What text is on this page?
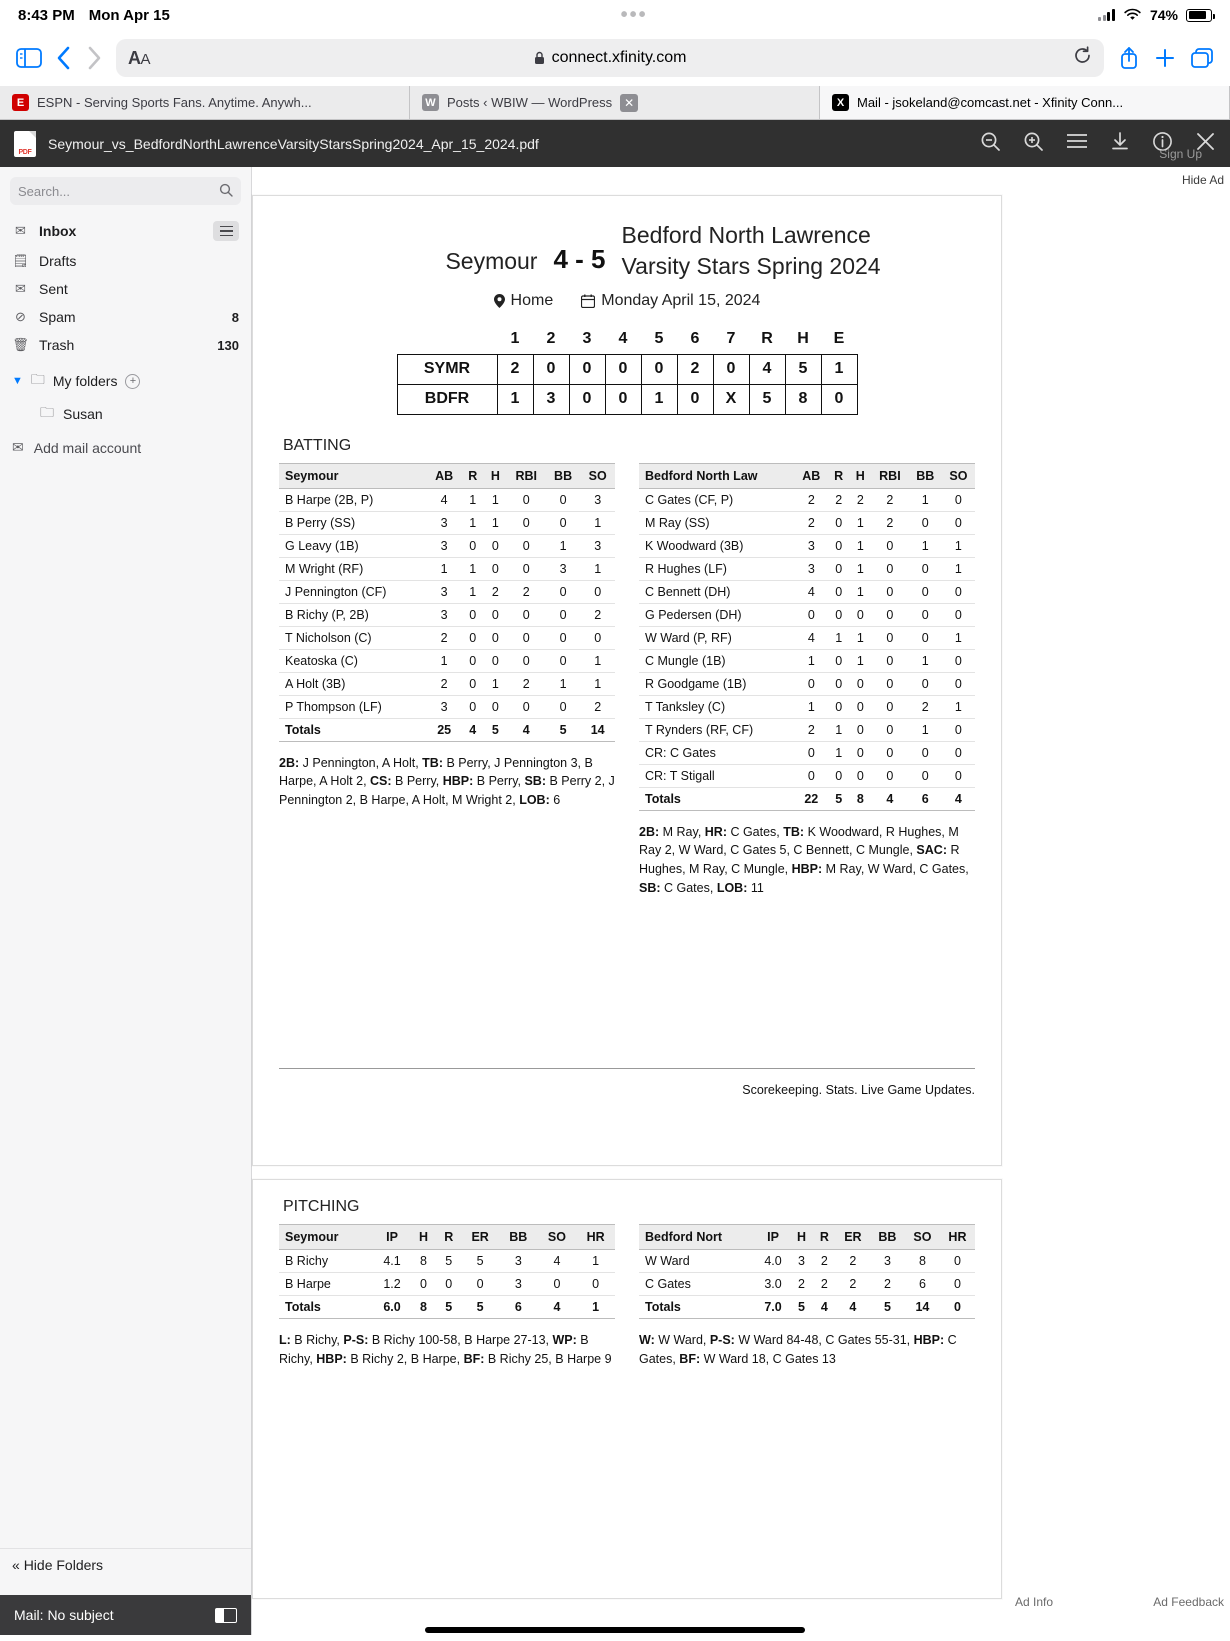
8:43 PM Mon Apr 15	•••	74%
AA	connect.xfinity.com
E ESPN - Serving Sports Fans. Anytime. Anywh...	W Posts ‹ WBIW — WordPress ✕	X Mail - jsokeland@comcast.net - Xfinity Conn...
PDF
Seymour_vs_BedfordNorthLawrenceVarsityStarsSpring2024_Apr_15_2024.pdf
Search...
✉ Inbox
🗒 Drafts
✉ Sent
⊘ Spam	8
🗑 Trash	130
▼ 🗀 My folders	+
🗀 Susan
✉ Add mail account
« Hide Folders
Mail: No subject
Seymour 4 - 5
Bedford North Lawrence Varsity Stars Spring 2024
Home	Monday April 15, 2024
	1	2	3	4	5	6	7	R	H	E
SYMR	2	0	0	0	0	2	0	4	5	1
BDFR	1	3	0	0	1	0	X	5	8	0
BATTING
Seymour	AB	R	H	RBI	BB	SO
B Harpe (2B, P)	4	1	1	0	0	3
B Perry (SS)	3	1	1	0	0	1
G Leavy (1B)	3	0	0	0	1	3
M Wright (RF)	1	1	0	0	3	1
J Pennington (CF)	3	1	2	2	0	0
B Richy (P, 2B)	3	0	0	0	0	2
T Nicholson (C)	2	0	0	0	0	0
Keatoska (C)	1	0	0	0	0	1
A Holt (3B)	2	0	1	2	1	1
P Thompson (LF)	3	0	0	0	0	2
Totals	25	4	5	4	5	14
2B: J Pennington, A Holt, TB: B Perry, J Pennington 3, B Harpe, A Holt 2, CS: B Perry, HBP: B Perry, SB: B Perry 2, J Pennington 2, B Harpe, A Holt, M Wright 2, LOB: 6
Bedford North Law	AB	R	H	RBI	BB	SO
C Gates (CF, P)	2	2	2	2	1	0
M Ray (SS)	2	0	1	2	0	0
K Woodward (3B)	3	0	1	0	1	1
R Hughes (LF)	3	0	1	0	0	1
C Bennett (DH)	4	0	1	0	0	0
G Pedersen (DH)	0	0	0	0	0	0
W Ward (P, RF)	4	1	1	0	0	1
C Mungle (1B)	1	0	1	0	1	0
R Goodgame (1B)	0	0	0	0	0	0
T Tanksley (C)	1	0	0	0	2	1
T Rynders (RF, CF)	2	1	0	0	1	0
CR: C Gates	0	1	0	0	0	0
CR: T Stigall	0	0	0	0	0	0
Totals	22	5	8	4	6	4
2B: M Ray, HR: C Gates, TB: K Woodward, R Hughes, M Ray 2, W Ward, C Gates 5, C Bennett, C Mungle, SAC: R Hughes, M Ray, C Mungle, HBP: M Ray, W Ward, C Gates, SB: C Gates, LOB: 11
Scorekeeping. Stats. Live Game Updates.
PITCHING
Seymour	IP	H	R	ER	BB	SO	HR
B Richy	4.1	8	5	5	3	4	1
B Harpe	1.2	0	0	0	3	0	0
Totals	6.0	8	5	5	6	4	1
L: B Richy, P-S: B Richy 100-58, B Harpe 27-13, WP: B Richy, HBP: B Richy 2, B Harpe, BF: B Richy 25, B Harpe 9
Bedford Nort	IP	H	R	ER	BB	SO	HR
W Ward	4.0	3	2	2	3	8	0
C Gates	3.0	2	2	2	2	6	0
Totals	7.0	5	4	4	5	14	0
W: W Ward, P-S: W Ward 84-48, C Gates 55-31, HBP: C Gates, BF: W Ward 18, C Gates 13
Hide Ad
Sign Up
Ad Info	Ad Feedback
